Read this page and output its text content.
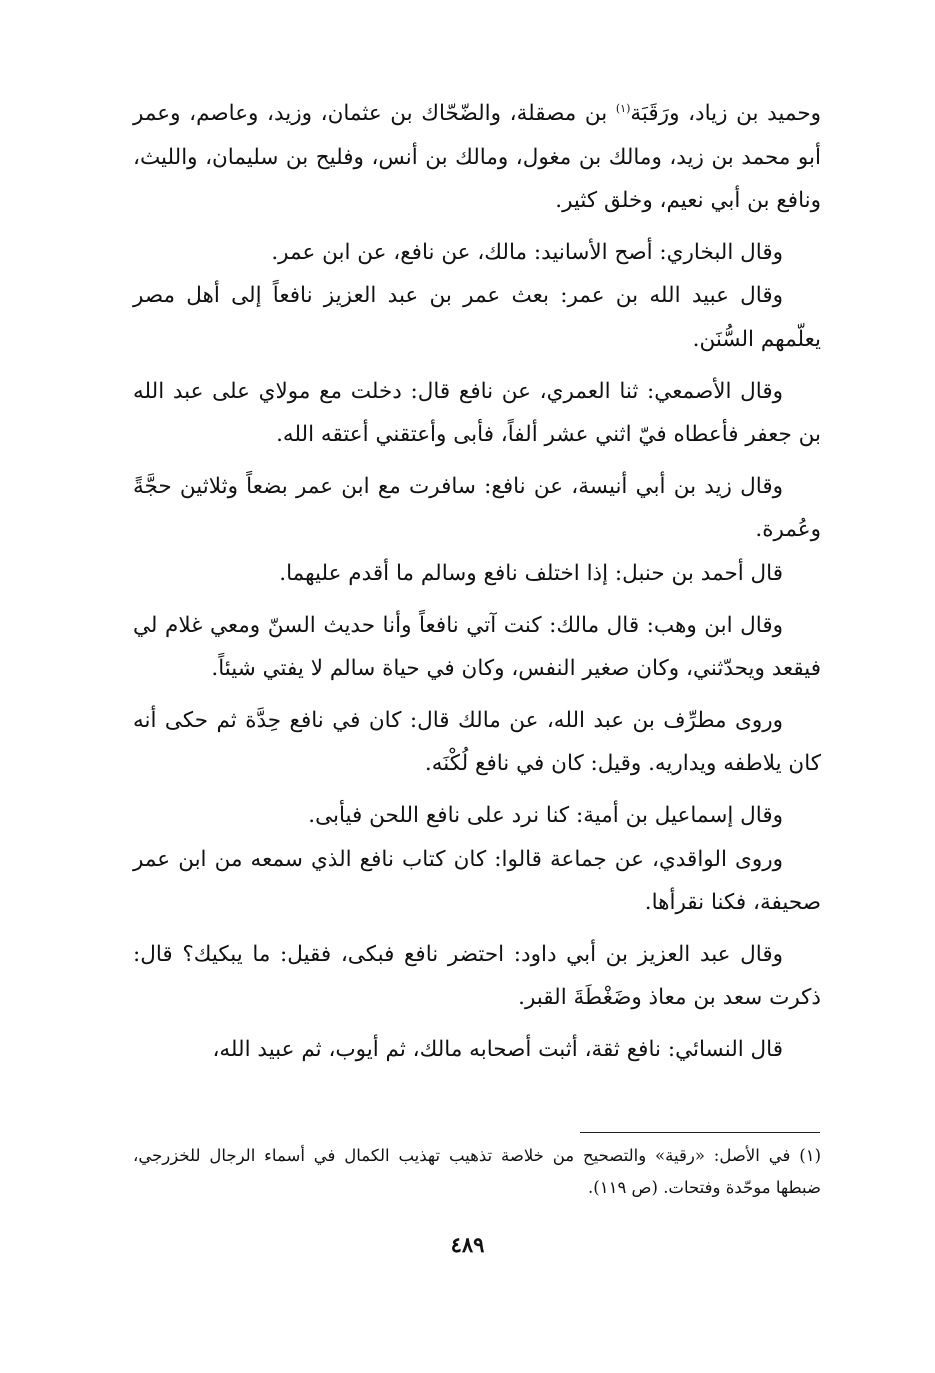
وحميد بن زياد، ورَقَبَة$^{(١)}$ بن مصقلة، والضّحّاك بن عثمان، وزيد، وعاصم، وعمر أبو محمد بن زيد، ومالك بن مغول، ومالك بن أنس، وفليح بن سليمان، والليث، ونافع بن أبي نعيم، وخلق كثير.

وقال البخاري: أصح الأسانيد: مالك، عن نافع، عن ابن عمر.

وقال عبيد الله بن عمر: بعث عمر بن عبد العزيز نافعاً إلى أهل مصر يعلّمهم السُّنَن.

وقال الأصمعي: ثنا العمري، عن نافع قال: دخلت مع مولاي على عبد الله بن جعفر فأعطاه فيّ اثني عشر ألفاً، فأبى وأعتقني أعتقه الله.

وقال زيد بن أبي أنيسة، عن نافع: سافرت مع ابن عمر بضعاً وثلاثين حجَّةً وعُمرة.

قال أحمد بن حنبل: إذا اختلف نافع وسالم ما أقدم عليهما.

وقال ابن وهب: قال مالك: كنت آتي نافعاً وأنا حديث السنّ ومعي غلام لي فيقعد ويحدّثني، وكان صغير النفس، وكان في حياة سالم لا يفتي شيئاً.

وروى مطرِّف بن عبد الله، عن مالك قال: كان في نافع حِدَّة ثم حكى أنه كان يلاطفه ويداريه. وقيل: كان في نافع لُكْنَه.

وقال إسماعيل بن أمية: كنا نرد على نافع اللحن فيأبى.

وروى الواقدي، عن جماعة قالوا: كان كتاب نافع الذي سمعه من ابن عمر صحيفة، فكنا نقرأها.

وقال عبد العزيز بن أبي داود: احتضر نافع فبكى، فقيل: ما يبكيك؟ قال: ذكرت سعد بن معاذ وضَغْطَةَ القبر.

قال النسائي: نافع ثقة، أثبت أصحابه مالك، ثم أيوب، ثم عبيد الله،

(١) في الأصل: «رقية» والتصحيح من خلاصة تذهيب تهذيب الكمال في أسماء الرجال للخزرجي، ضبطها موحّدة وفتحات. (ص ١١٩).

٤٨٩
